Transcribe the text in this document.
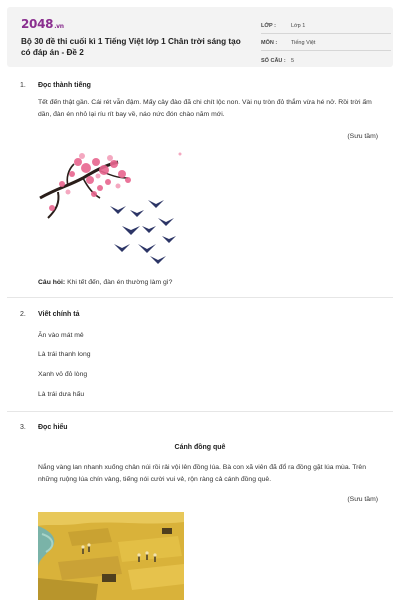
2048.vn
Bộ 30 đề thi cuối kì 1 Tiếng Việt lớp 1 Chân trời sáng tạo có đáp án - Đề 2
LỚP :	Lớp 1
MÔN :	Tiếng Việt
SỐ CÂU : 5
1. Đọc thành tiếng
Tết đến thật gần. Cái rét vẫn đậm. Mấy cây đào đã chi chít lộc non. Vài nụ tròn đỏ thắm vừa hé nở. Rồi trời ấm dần, đàn én nhỏ lại ríu rít bay về, náo nức đón chào năm mới.
(Sưu tầm)
Câu hỏi: Khi tết đến, đàn én thường làm gì?
2. Viết chính tả
Ăn vào mát mẻ
Là trái thanh long
Xanh vỏ đỏ lòng
Là trái dưa hấu
3. Đọc hiểu
Cánh đồng quê
Nắng vàng lan nhanh xuống chân núi rồi rải vội lên đồng lúa. Bà con xã viên đã đổ ra đồng gặt lúa mùa. Trên những ruộng lúa chín vàng, tiếng nói cười vui vẻ, rộn ràng cả cánh đồng quê.
(Sưu tầm)
